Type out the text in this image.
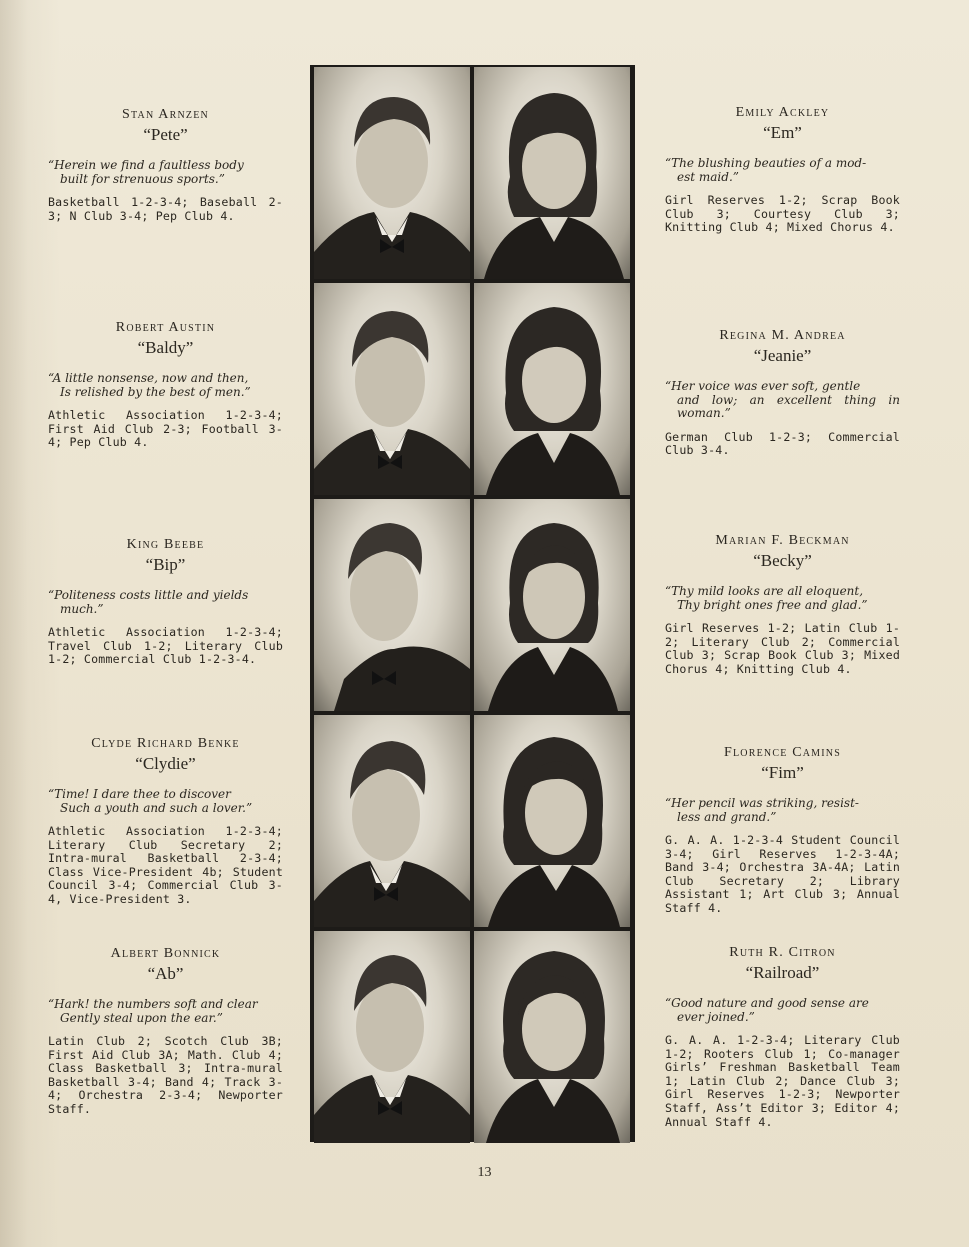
Stan Arnzen

“Pete”

“Herein we find a faultless body
built for strenuous sports.”

Basketball 1-2-3-4; Baseball 2-3; N Club 3-4; Pep Club 4.

Robert Austin

“Baldy”

“A little nonsense, now and then,
Is relished by the best of men.”

Athletic Association 1-2-3-4; First Aid Club 2-3; Football 3-4; Pep Club 4.

King Beebe

“Bip”

“Politeness costs little and yields
much.”

Athletic Association 1-2-3-4; Travel Club 1-2; Literary Club 1-2; Commercial Club 1-2-3-4.

Clyde Richard Benke

“Clydie”

“Time! I dare thee to discover
Such a youth and such a lover.”

Athletic Association 1-2-3-4; Literary Club Secretary 2; Intra-mural Basketball 2-3-4; Class Vice-President 4b; Student Council 3-4; Commercial Club 3-4, Vice-President 3.

Albert Bonnick

“Ab”

“Hark! the numbers soft and clear
Gently steal upon the ear.”

Latin Club 2; Scotch Club 3B; First Aid Club 3A; Math. Club 4; Class Basketball 3; Intra-mural Basketball 3-4; Band 4; Track 3-4; Orchestra 2-3-4; Newporter Staff.

Emily Ackley

“Em”

“The blushing beauties of a mod-
est maid.”

Girl Reserves 1-2; Scrap Book Club 3; Courtesy Club 3; Knitting Club 4; Mixed Chorus 4.

Regina M. Andrea

“Jeanie”

“Her voice was ever soft, gentle
and low; an excellent thing in woman.”

German Club 1-2-3; Commercial Club 3-4.

Marian F. Beckman

“Becky”

“Thy mild looks are all eloquent,
Thy bright ones free and glad.”

Girl Reserves 1-2; Latin Club 1-2; Literary Club 2; Commercial Club 3; Scrap Book Club 3; Mixed Chorus 4; Knitting Club 4.

Florence Camins

“Fim”

“Her pencil was striking, resist-
less and grand.”

G. A. A. 1-2-3-4 Student Council 3-4; Girl Reserves 1-2-3-4A; Band 3-4; Orchestra 3A-4A; Latin Club Secretary 2; Library Assistant 1; Art Club 3; Annual Staff 4.

Ruth R. Citron

“Railroad”

“Good nature and good sense are
ever joined.”

G. A. A. 1-2-3-4; Literary Club 1-2; Rooters Club 1; Co-manager Girls’ Freshman Basketball Team 1; Latin Club 2; Dance Club 3; Girl Reserves 1-2-3; Newporter Staff, Ass’t Editor 3; Editor 4; Annual Staff 4.

13
